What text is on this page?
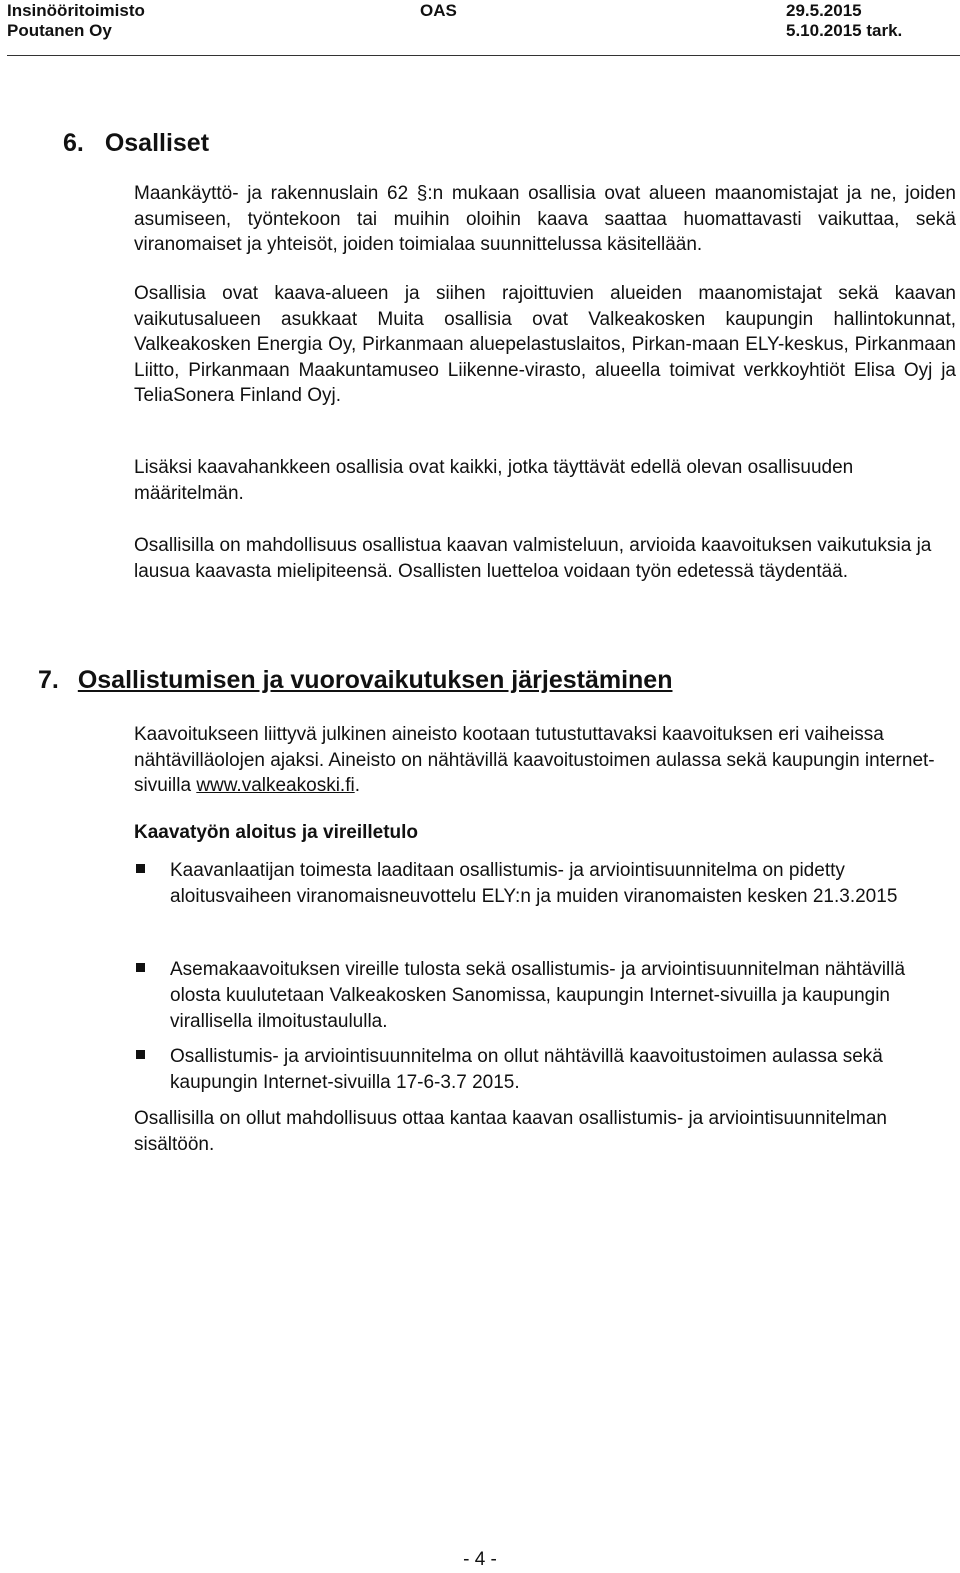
Insinööritoimisto

Poutanen Oy

OAS	29.5.2015

5.10.2015 tark.

6. Osalliset

Maankäyttö- ja rakennuslain 62 §:n mukaan osallisia ovat alueen maanomistajat ja ne, joiden asumiseen, työntekoon tai muihin oloihin kaava saattaa huomattavasti vaikuttaa, sekä viranomaiset ja yhteisöt, joiden toimialaa suunnittelussa käsitellään.

Osallisia ovat kaava-alueen ja siihen rajoittuvien alueiden maanomistajat sekä kaavan vaikutusalueen asukkaat Muita osallisia ovat Valkeakosken kaupungin hallintokunnat, Valkeakosken Energia Oy, Pirkanmaan aluepelastuslaitos, Pirkan-maan ELY-keskus, Pirkanmaan Liitto, Pirkanmaan Maakuntamuseo Liikenne-virasto, alueella toimivat verkkoyhtiöt Elisa Oyj ja TeliaSonera Finland Oyj.

Lisäksi kaavahankkeen osallisia ovat kaikki, jotka täyttävät edellä olevan osallisuuden määritelmän.

Osallisilla on mahdollisuus osallistua kaavan valmisteluun, arvioida kaavoituksen vaikutuksia ja lausua kaavasta mielipiteensä. Osallisten luetteloa voidaan työn edetessä täydentää.

7. Osallistumisen ja vuorovaikutuksen järjestäminen

Kaavoitukseen liittyvä julkinen aineisto kootaan tutustuttavaksi kaavoituksen eri vaiheissa nähtävilläolojen ajaksi. Aineisto on nähtävillä kaavoitustoimen aulassa sekä kaupungin internet-sivuilla www.valkeakoski.fi.

Kaavatyön aloitus ja vireilletulo

Kaavanlaatijan toimesta laaditaan osallistumis- ja arviointisuunnitelma on pidetty aloitusvaiheen viranomaisneuvottelu ELY:n ja muiden viranomaisten kesken 21.3.2015

Asemakaavoituksen vireille tulosta sekä osallistumis- ja arviointisuunnitelman nähtävillä olosta kuulutetaan Valkeakosken Sanomissa, kaupungin Internet-sivuilla ja kaupungin virallisella ilmoitustaululla.

Osallistumis- ja arviointisuunnitelma on ollut nähtävillä kaavoitustoimen aulassa sekä kaupungin Internet-sivuilla 17-6-3.7 2015.

Osallisilla on ollut mahdollisuus ottaa kantaa kaavan osallistumis- ja arviointisuunnitelman sisältöön.

- 4 -
